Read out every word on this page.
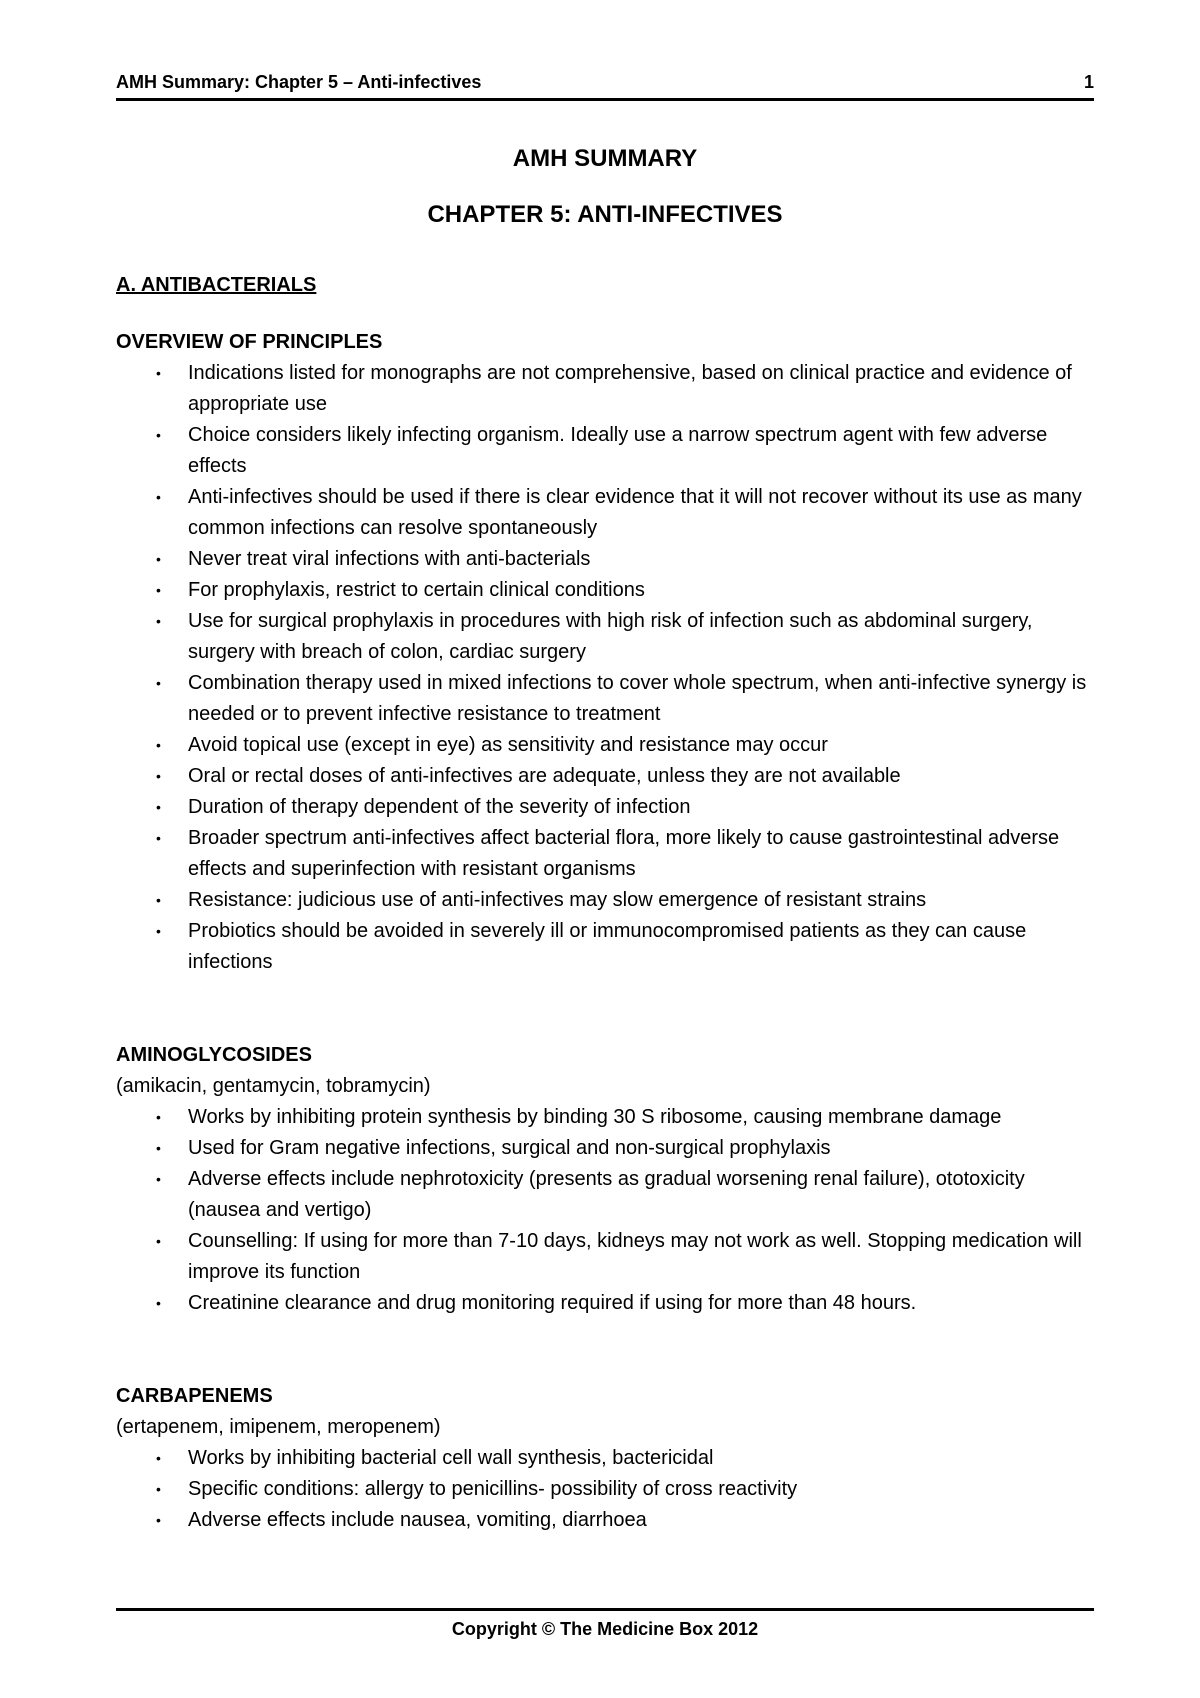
AMH Summary: Chapter 5 – Anti-infectives	1
AMH SUMMARY
CHAPTER 5: ANTI-INFECTIVES
A. ANTIBACTERIALS
OVERVIEW OF PRINCIPLES
• Indications listed for monographs are not comprehensive, based on clinical practice and evidence of appropriate use
• Choice considers likely infecting organism. Ideally use a narrow spectrum agent with few adverse effects
• Anti-infectives should be used if there is clear evidence that it will not recover without its use as many common infections can resolve spontaneously
• Never treat viral infections with anti-bacterials
• For prophylaxis, restrict to certain clinical conditions
• Use for surgical prophylaxis in procedures with high risk of infection such as abdominal surgery, surgery with breach of colon, cardiac surgery
• Combination therapy used in mixed infections to cover whole spectrum, when anti-infective synergy is needed or to prevent infective resistance to treatment
• Avoid topical use (except in eye) as sensitivity and resistance may occur
• Oral or rectal doses of anti-infectives are adequate, unless they are not available
• Duration of therapy dependent of the severity of infection
• Broader spectrum anti-infectives affect bacterial flora, more likely to cause gastrointestinal adverse effects and superinfection with resistant organisms
• Resistance: judicious use of anti-infectives may slow emergence of resistant strains
• Probiotics should be avoided in severely ill or immunocompromised patients as they can cause infections
AMINOGLYCOSIDES
(amikacin, gentamycin, tobramycin)
• Works by inhibiting protein synthesis by binding 30 S ribosome, causing membrane damage
• Used for Gram negative infections, surgical and non-surgical prophylaxis
• Adverse effects include nephrotoxicity (presents as gradual worsening renal failure), ototoxicity (nausea and vertigo)
• Counselling: If using for more than 7-10 days, kidneys may not work as well. Stopping medication will improve its function
• Creatinine clearance and drug monitoring required if using for more than 48 hours.
CARBAPENEMS
(ertapenem, imipenem, meropenem)
• Works by inhibiting bacterial cell wall synthesis, bactericidal
• Specific conditions: allergy to penicillins- possibility of cross reactivity
• Adverse effects include nausea, vomiting, diarrhoea
Copyright © The Medicine Box 2012
